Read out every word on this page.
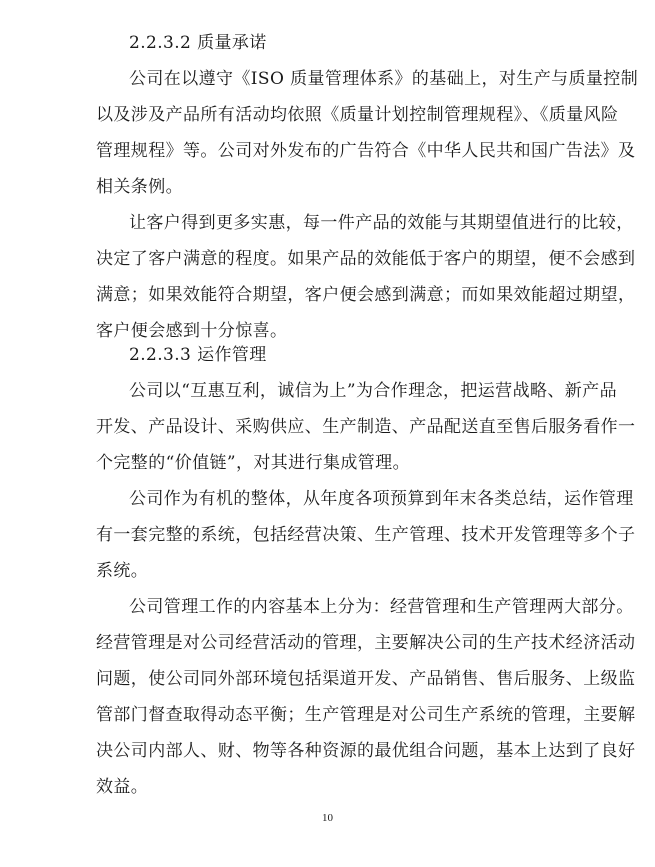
2.2.3.2 质量承诺
公司在以遵守《ISO 质量管理体系》的基础上，对生产与质量控制
以及涉及产品所有活动均依照《质量计划控制管理规程》、《质量风险
管理规程》等。公司对外发布的广告符合《中华人民共和国广告法》及
相关条例。
让客户得到更多实惠，每一件产品的效能与其期望值进行的比较，
决定了客户满意的程度。如果产品的效能低于客户的期望，便不会感到
满意；如果效能符合期望，客户便会感到满意；而如果效能超过期望，
客户便会感到十分惊喜。
2.2.3.3 运作管理
公司以“互惠互利，诚信为上”为合作理念，把运营战略、新产品
开发、产品设计、采购供应、生产制造、产品配送直至售后服务看作一
个完整的“价值链”，对其进行集成管理。
公司作为有机的整体，从年度各项预算到年末各类总结，运作管理
有一套完整的系统，包括经营决策、生产管理、技术开发管理等多个子
系统。
公司管理工作的内容基本上分为：经营管理和生产管理两大部分。
经营管理是对公司经营活动的管理，主要解决公司的生产技术经济活动
问题，使公司同外部环境包括渠道开发、产品销售、售后服务、上级监
管部门督查取得动态平衡；生产管理是对公司生产系统的管理，主要解
决公司内部人、财、物等各种资源的最优组合问题，基本上达到了良好
效益。
10
